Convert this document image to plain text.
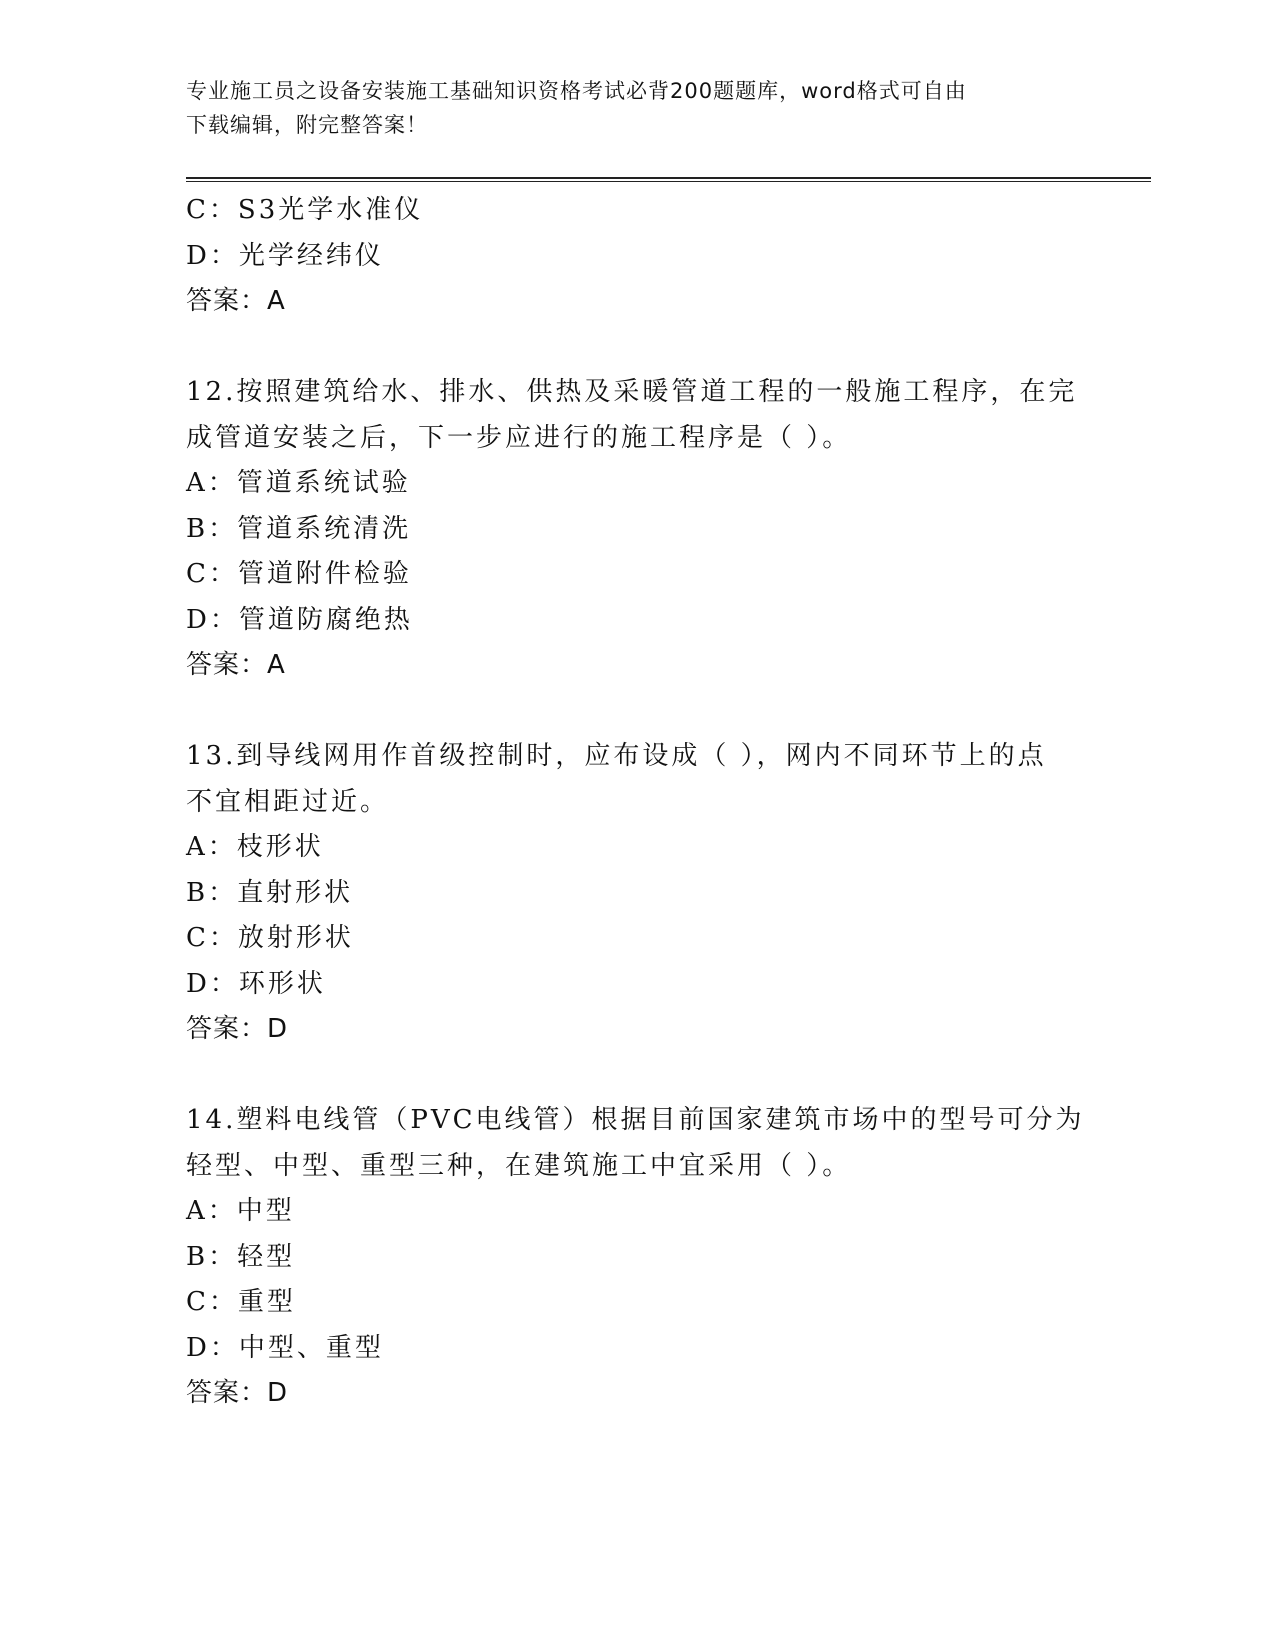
专业施工员之设备安装施工基础知识资格考试必背200题题库，word格式可自由
下载编辑，附完整答案！
C：S3光学水准仪
D：光学经纬仪
答案：A
12.按照建筑给水、排水、供热及采暖管道工程的一般施工程序，在完
成管道安装之后，下一步应进行的施工程序是（ ）。
A：管道系统试验
B：管道系统清洗
C：管道附件检验
D：管道防腐绝热
答案：A
13.到导线网用作首级控制时，应布设成（ ），网内不同环节上的点
不宜相距过近。
A：枝形状
B：直射形状
C：放射形状
D：环形状
答案：D
14.塑料电线管（PVC电线管）根据目前国家建筑市场中的型号可分为
轻型、中型、重型三种，在建筑施工中宜采用（ ）。
A：中型
B：轻型
C：重型
D：中型、重型
答案：D
